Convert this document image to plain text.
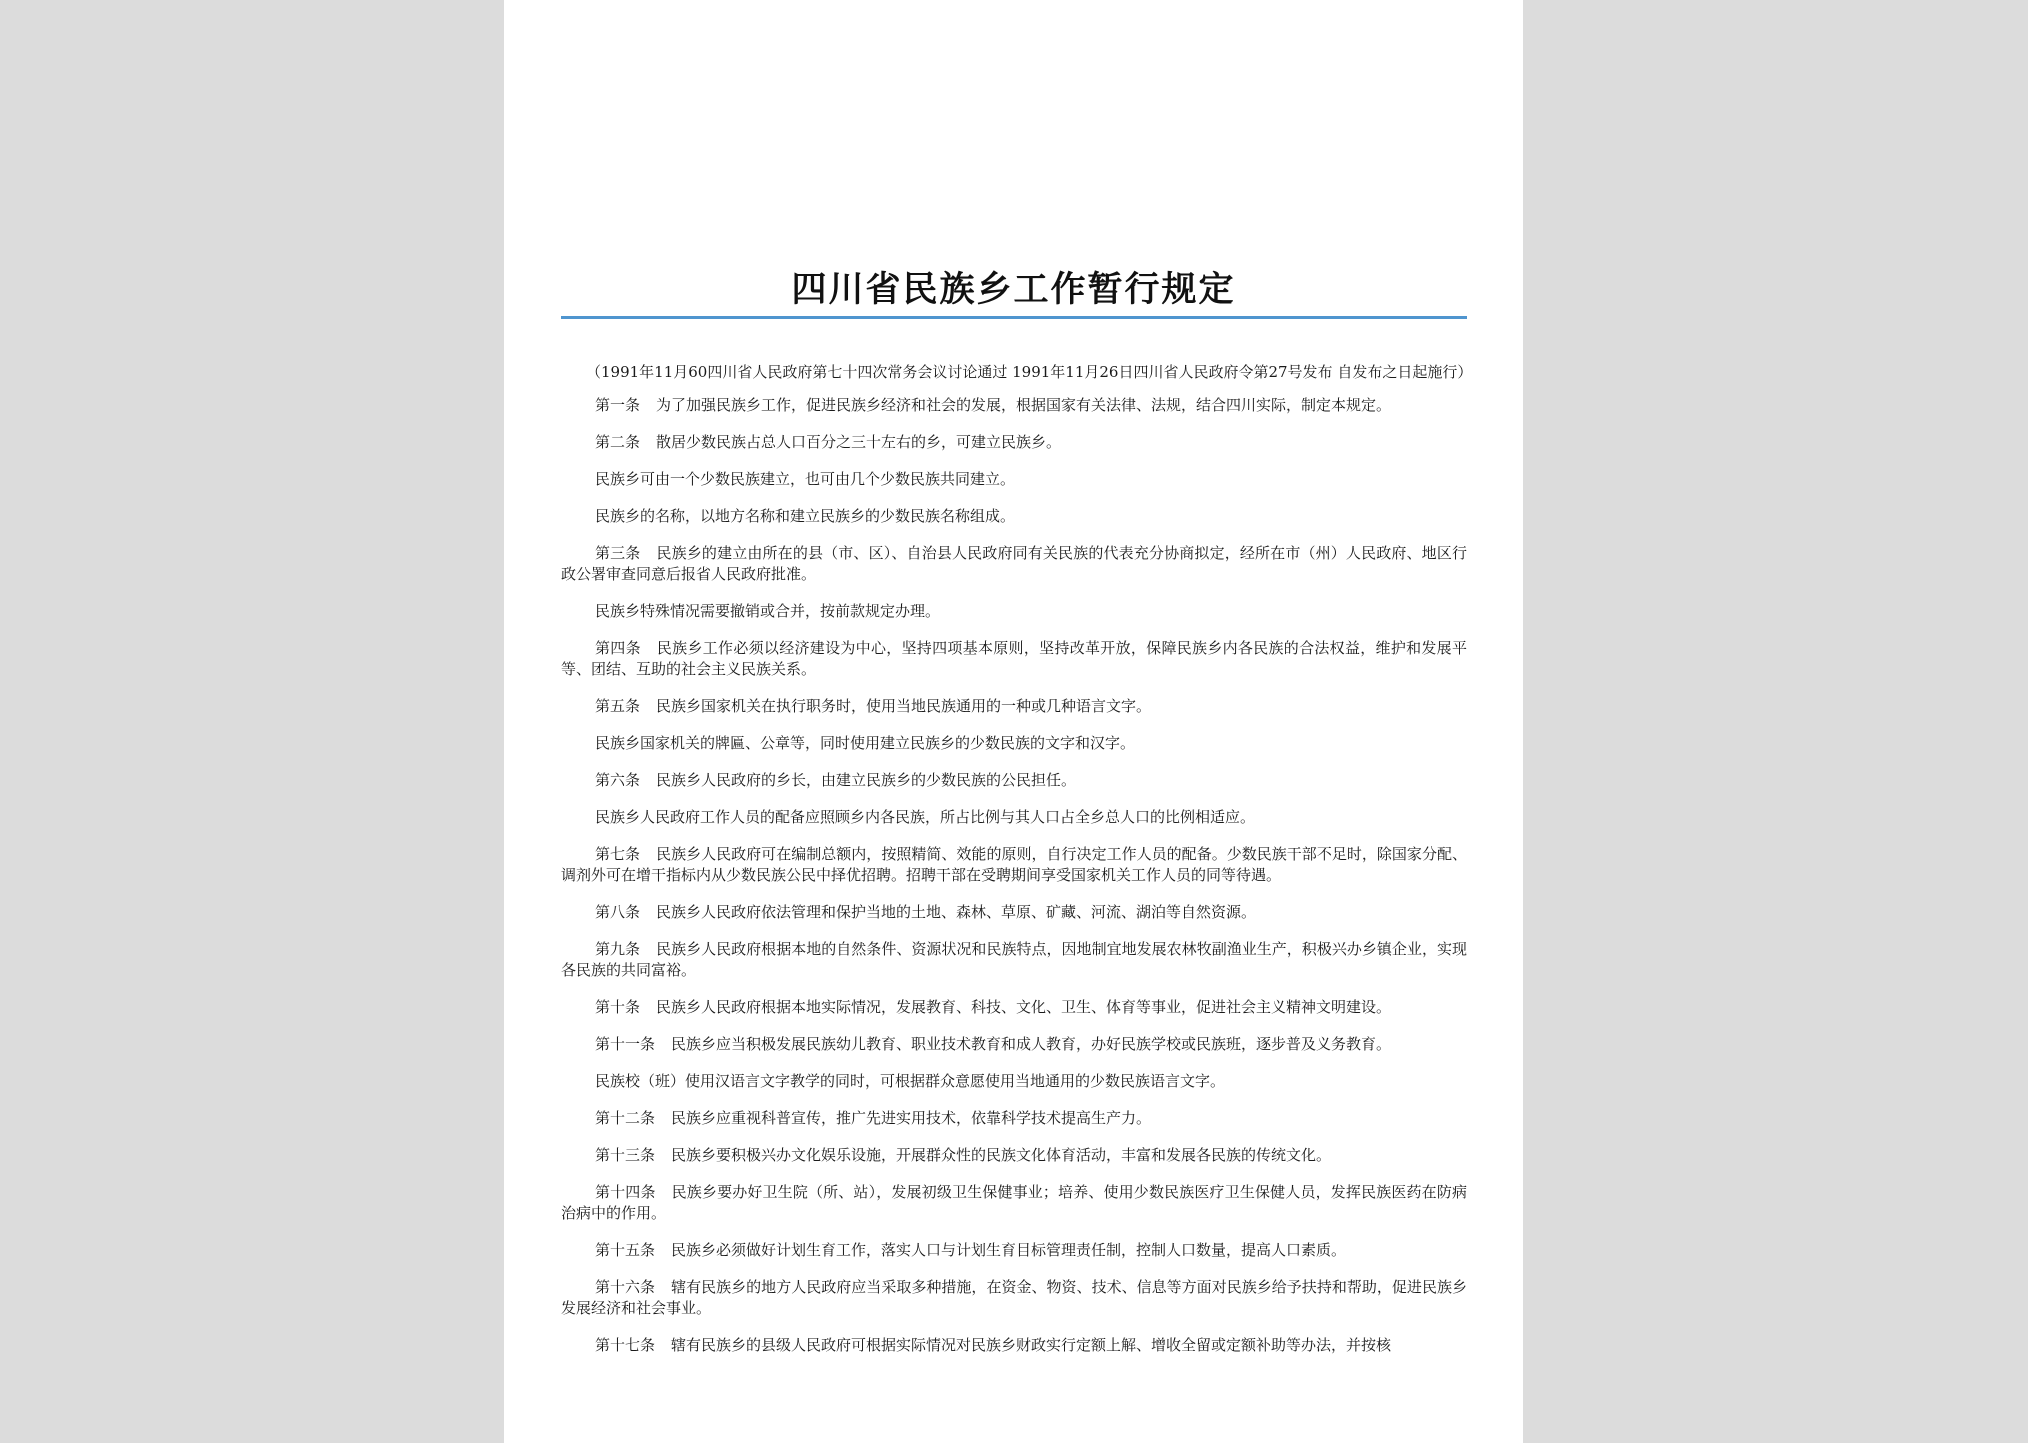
四川省民族乡工作暂行规定

（1991年11月60四川省人民政府第七十四次常务会议讨论通过 1991年11月26日四川省人民政府令第27号发布 自发布之日起施行）

第一条 为了加强民族乡工作，促进民族乡经济和社会的发展，根据国家有关法律、法规，结合四川实际，制定本规定。

第二条 散居少数民族占总人口百分之三十左右的乡，可建立民族乡。

民族乡可由一个少数民族建立，也可由几个少数民族共同建立。

民族乡的名称，以地方名称和建立民族乡的少数民族名称组成。

第三条 民族乡的建立由所在的县（市、区）、自治县人民政府同有关民族的代表充分协商拟定，经所在市（州）人民政府、地区行政公署审查同意后报省人民政府批准。

民族乡特殊情况需要撤销或合并，按前款规定办理。

第四条 民族乡工作必须以经济建设为中心，坚持四项基本原则，坚持改革开放，保障民族乡内各民族的合法权益，维护和发展平等、团结、互助的社会主义民族关系。

第五条 民族乡国家机关在执行职务时，使用当地民族通用的一种或几种语言文字。

民族乡国家机关的牌匾、公章等，同时使用建立民族乡的少数民族的文字和汉字。

第六条 民族乡人民政府的乡长，由建立民族乡的少数民族的公民担任。

民族乡人民政府工作人员的配备应照顾乡内各民族，所占比例与其人口占全乡总人口的比例相适应。

第七条 民族乡人民政府可在编制总额内，按照精简、效能的原则，自行决定工作人员的配备。少数民族干部不足时，除国家分配、调剂外可在增干指标内从少数民族公民中择优招聘。招聘干部在受聘期间享受国家机关工作人员的同等待遇。

第八条 民族乡人民政府依法管理和保护当地的土地、森林、草原、矿藏、河流、湖泊等自然资源。

第九条 民族乡人民政府根据本地的自然条件、资源状况和民族特点，因地制宜地发展农林牧副渔业生产，积极兴办乡镇企业，实现各民族的共同富裕。

第十条 民族乡人民政府根据本地实际情况，发展教育、科技、文化、卫生、体育等事业，促进社会主义精神文明建设。

第十一条 民族乡应当积极发展民族幼儿教育、职业技术教育和成人教育，办好民族学校或民族班，逐步普及义务教育。

民族校（班）使用汉语言文字教学的同时，可根据群众意愿使用当地通用的少数民族语言文字。

第十二条 民族乡应重视科普宣传，推广先进实用技术，依靠科学技术提高生产力。

第十三条 民族乡要积极兴办文化娱乐设施，开展群众性的民族文化体育活动，丰富和发展各民族的传统文化。

第十四条 民族乡要办好卫生院（所、站），发展初级卫生保健事业；培养、使用少数民族医疗卫生保健人员，发挥民族医药在防病治病中的作用。

第十五条 民族乡必须做好计划生育工作，落实人口与计划生育目标管理责任制，控制人口数量，提高人口素质。

第十六条 辖有民族乡的地方人民政府应当采取多种措施，在资金、物资、技术、信息等方面对民族乡给予扶持和帮助，促进民族乡发展经济和社会事业。

第十七条 辖有民族乡的县级人民政府可根据实际情况对民族乡财政实行定额上解、增收全留或定额补助等办法，并按核
